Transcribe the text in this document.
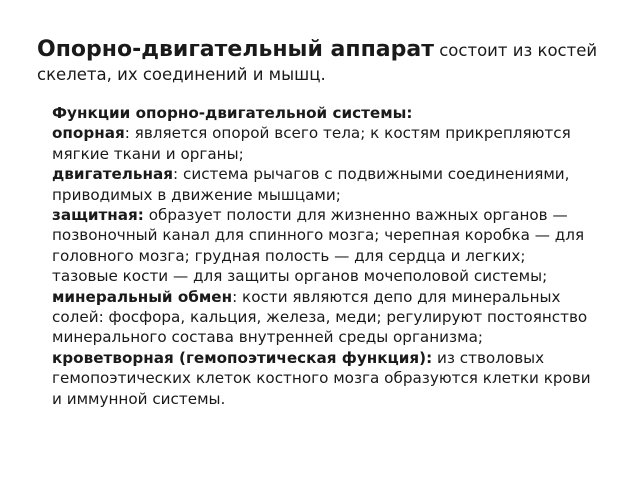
Опорно-двигательный аппарат состоит из костей скелета, их соединений и мышц.
Функции опорно-двигательной системы:
опорная: является опорой всего тела; к костям прикрепляются мягкие ткани и органы;
двигательная: система рычагов с подвижными соединениями, приводимых в движение мышцами;
защитная: образует полости для жизненно важных органов — позвоночный канал для спинного мозга; черепная коробка — для головного мозга; грудная полость — для сердца и легких; тазовые кости — для защиты органов мочеполовой системы;
минеральный обмен: кости являются депо для минеральных солей: фосфора, кальция, железа, меди; регулируют постоянство минерального состава внутренней среды организма;
кроветворная (гемопоэтическая функция): из стволовых гемопоэтических клеток костного мозга образуются клетки крови и иммунной системы.
